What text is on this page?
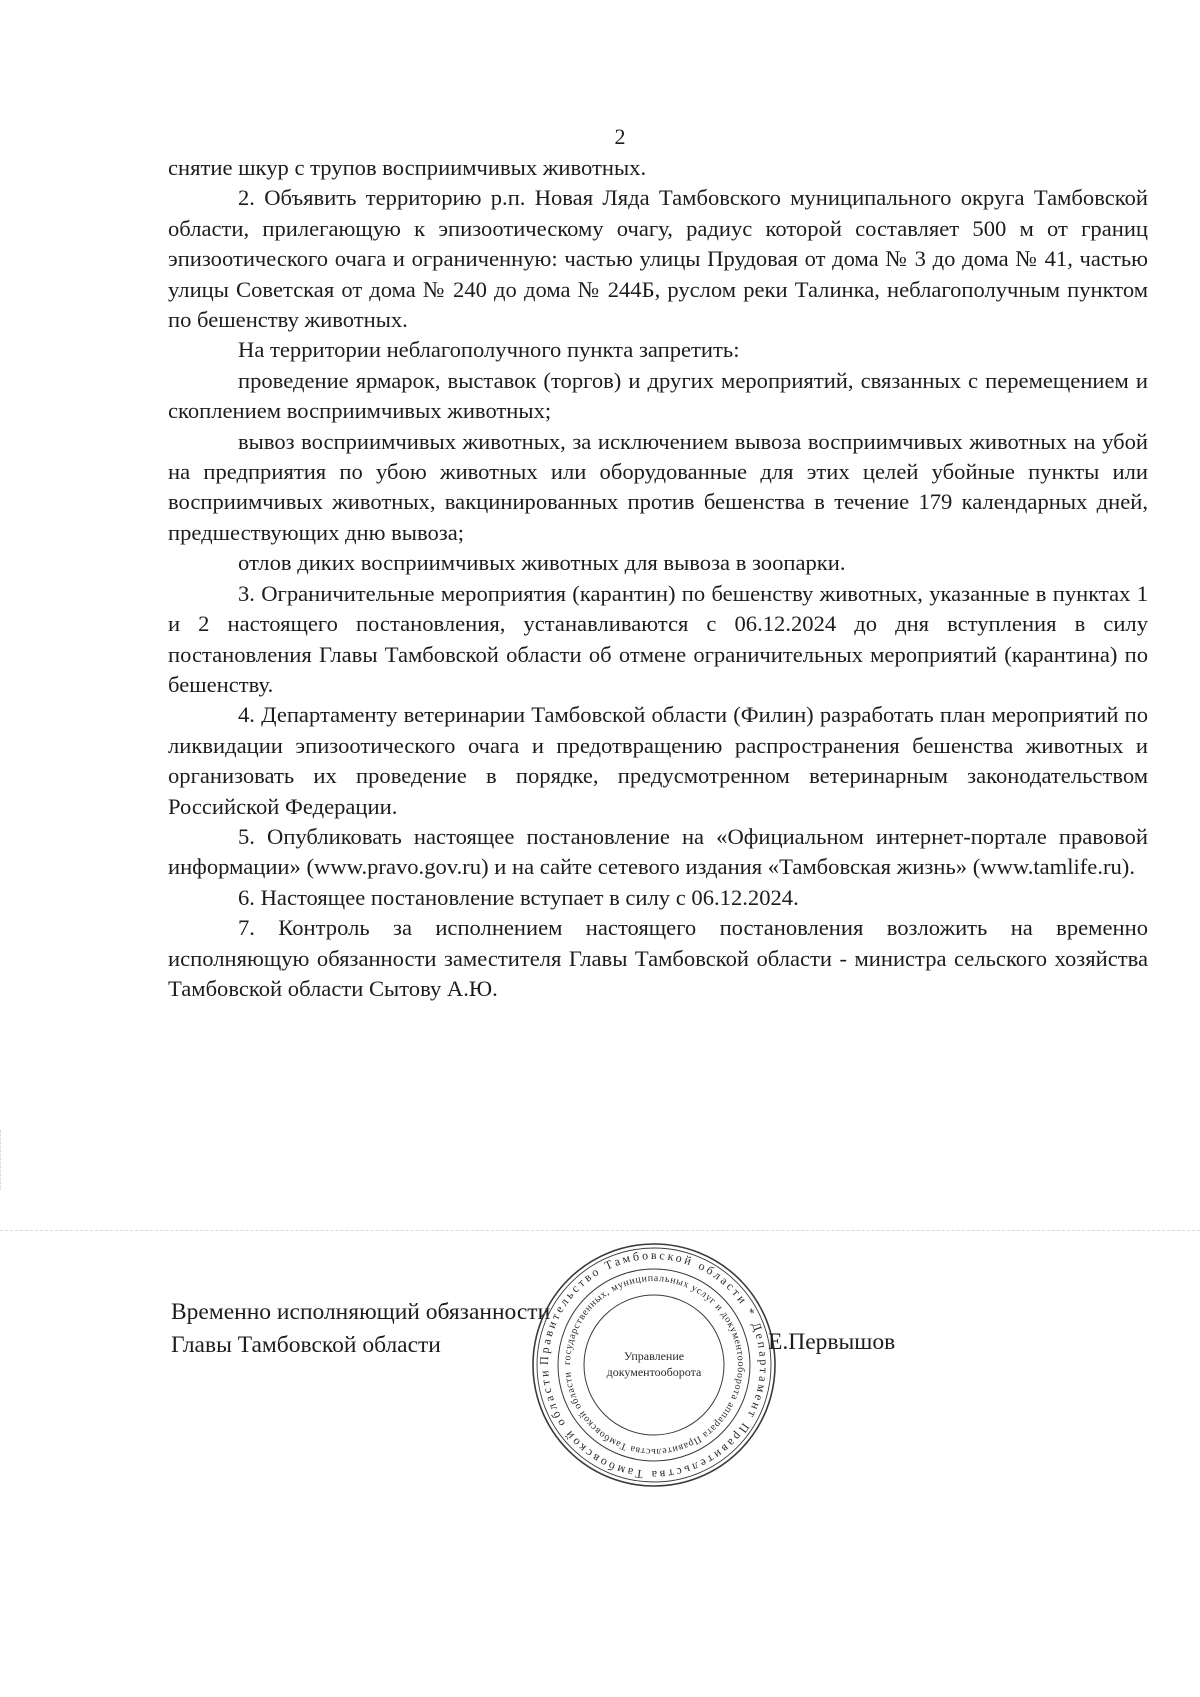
2

снятие шкур с трупов восприимчивых животных.

2. Объявить территорию р.п. Новая Ляда Тамбовского муниципального округа Тамбовской области, прилегающую к эпизоотическому очагу, радиус которой составляет 500 м от границ эпизоотического очага и ограниченную: частью улицы Прудовая от дома № 3 до дома № 41, частью улицы Советская от дома № 240 до дома № 244Б, руслом реки Талинка, неблагополучным пунктом по бешенству животных.

На территории неблагополучного пункта запретить:

проведение ярмарок, выставок (торгов) и других мероприятий, связанных с перемещением и скоплением восприимчивых животных;

вывоз восприимчивых животных, за исключением вывоза восприимчивых животных на убой на предприятия по убою животных или оборудованные для этих целей убойные пункты или восприимчивых животных, вакцинированных против бешенства в течение 179 календарных дней, предшествующих дню вывоза;

отлов диких восприимчивых животных для вывоза в зоопарки.

3. Ограничительные мероприятия (карантин) по бешенству животных, указанные в пунктах 1 и 2 настоящего постановления, устанавливаются с 06.12.2024 до дня вступления в силу постановления Главы Тамбовской области об отмене ограничительных мероприятий (карантина) по бешенству.

4. Департаменту ветеринарии Тамбовской области (Филин) разработать план мероприятий по ликвидации эпизоотического очага и предотвращению распространения бешенства животных и организовать их проведение в порядке, предусмотренном ветеринарным законодательством Российской Федерации.

5. Опубликовать настоящее постановление на «Официальном интернет-портале правовой информации» (www.pravo.gov.ru) и на сайте сетевого издания «Тамбовская жизнь» (www.tamlife.ru).

6. Настоящее постановление вступает в силу с 06.12.2024.

7. Контроль за исполнением настоящего постановления возложить на временно исполняющую обязанности заместителя Главы Тамбовской области - министра сельского хозяйства Тамбовской области Сытову А.Ю.

Временно исполняющий обязанности
Главы Тамбовской области
Правительство Тамбовской области * Департамент Правительства Тамбовской области
государственных, муниципальных услуг и документооборота аппарата Правительства Тамбовской области
Управление
документооборота
Е.Первышов
